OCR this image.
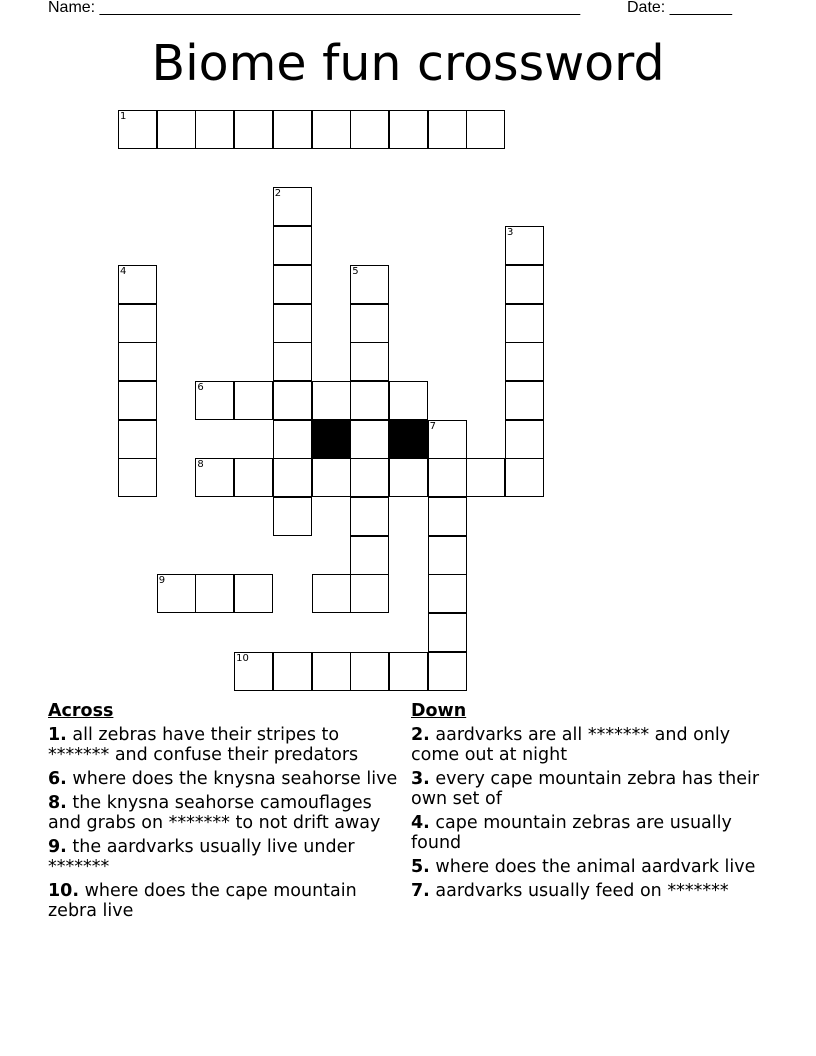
Name: ______________________________________________________	Date: _______
Biome fun crossword
1
2
3
4	5
6
7
8
9
10
Across
1. all zebras have their stripes to ******* and confuse their predators
6. where does the knysna seahorse live
8. the knysna seahorse camouflages and grabs on ******* to not drift away
9. the aardvarks usually live under *******
10. where does the cape mountain zebra live
Down
2. aardvarks are all ******* and only come out at night
3. every cape mountain zebra has their own set of
4. cape mountain zebras are usually found
5. where does the animal aardvark live
7. aardvarks usually feed on *******
